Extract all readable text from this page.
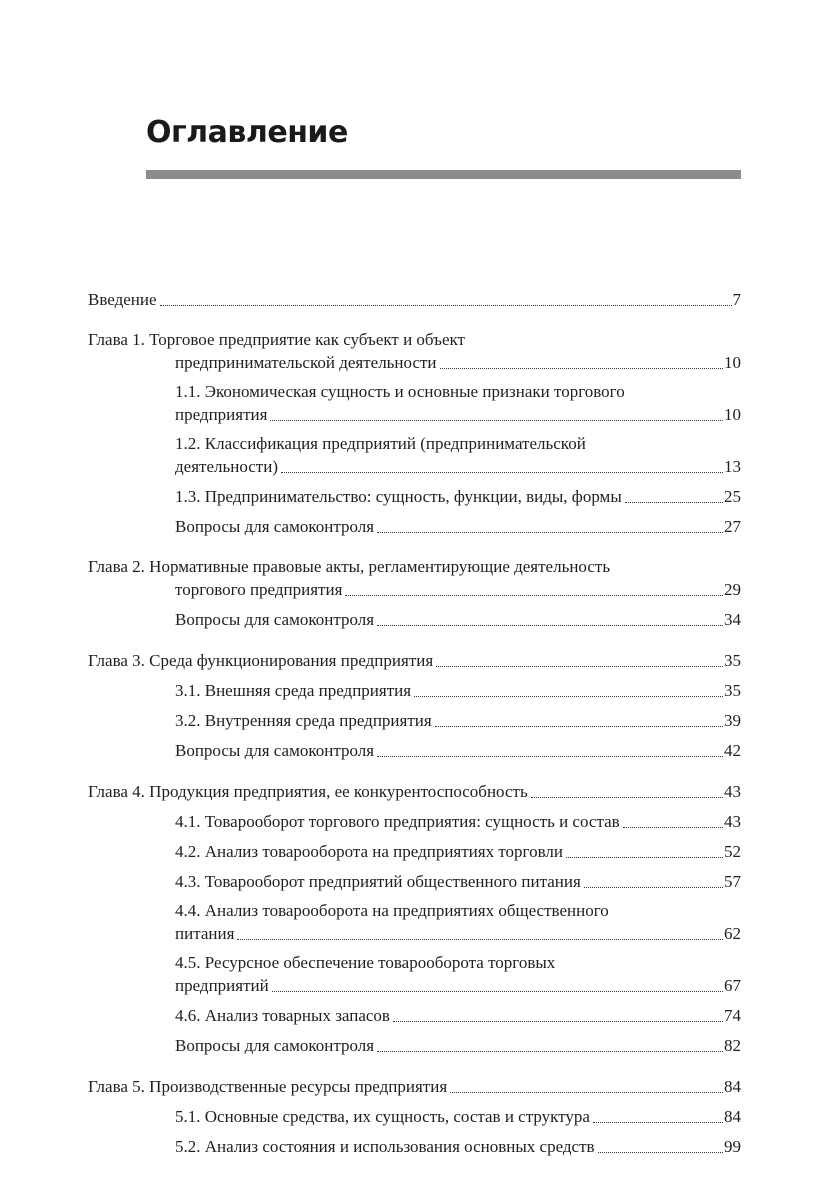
Оглавление
Введение	7
Глава 1. Торговое предприятие как субъект и объект
предпринимательской деятельности	10
1.1. Экономическая сущность и основные признаки торгового
предприятия	10
1.2. Классификация предприятий (предпринимательской
деятельности)	13
1.3. Предпринимательство: сущность, функции, виды, формы	25
Вопросы для самоконтроля	27
Глава 2. Нормативные правовые акты, регламентирующие деятельность
торгового предприятия	29
Вопросы для самоконтроля	34
Глава 3. Среда функционирования предприятия	35
3.1. Внешняя среда предприятия	35
3.2. Внутренняя среда предприятия	39
Вопросы для самоконтроля	42
Глава 4. Продукция предприятия, ее конкурентоспособность	43
4.1. Товарооборот торгового предприятия: сущность и состав	43
4.2. Анализ товарооборота на предприятиях торговли	52
4.3. Товарооборот предприятий общественного питания	57
4.4. Анализ товарооборота на предприятиях общественного
питания	62
4.5. Ресурсное обеспечение товарооборота торговых
предприятий	67
4.6. Анализ товарных запасов	74
Вопросы для самоконтроля	82
Глава 5. Производственные ресурсы предприятия	84
5.1. Основные средства, их сущность, состав и структура	84
5.2. Анализ состояния и использования основных средств	99
